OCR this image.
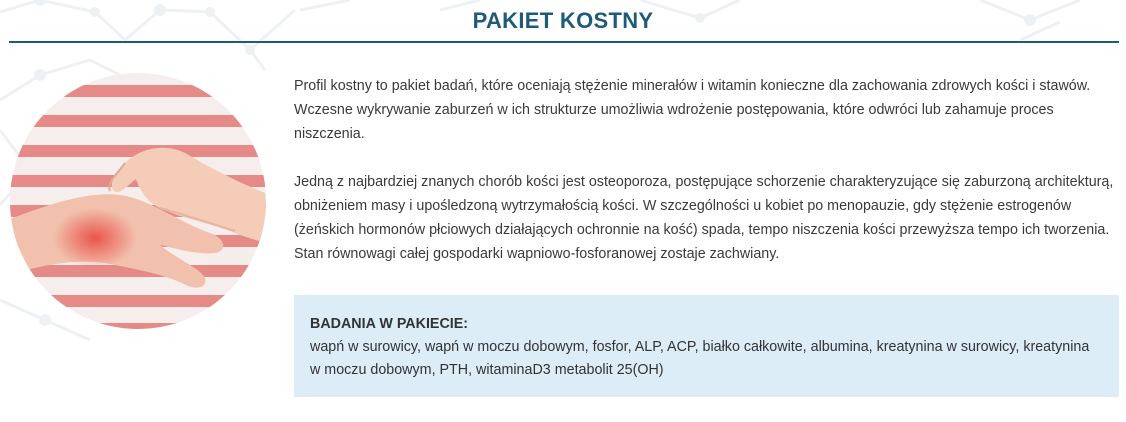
PAKIET KOSTNY

Profil kostny to pakiet badań, które oceniają stężenie minerałów i witamin konieczne dla zachowania zdrowych kości i stawów. Wczesne wykrywanie zaburzeń w ich strukturze umożliwia wdrożenie postępowania, które odwróci lub zahamuje proces niszczenia.

Jedną z najbardziej znanych chorób kości jest osteoporoza, postępujące schorzenie charakteryzujące się zaburzoną architekturą, obniżeniem masy i upośledzoną wytrzymałością kości. W szczególności u kobiet po menopauzie, gdy stężenie estrogenów (żeńskich hormonów płciowych działających ochronnie na kość) spada, tempo niszczenia kości przewyższa tempo ich tworzenia. Stan równowagi całej gospodarki wapniowo-fosforanowej zostaje zachwiany.

BADANIA W PAKIECIE:
wapń w surowicy, wapń w moczu dobowym, fosfor, ALP, ACP, białko całkowite, albumina, kreatynina w surowicy, kreatynina w moczu dobowym, PTH, witaminaD3 metabolit 25(OH)
